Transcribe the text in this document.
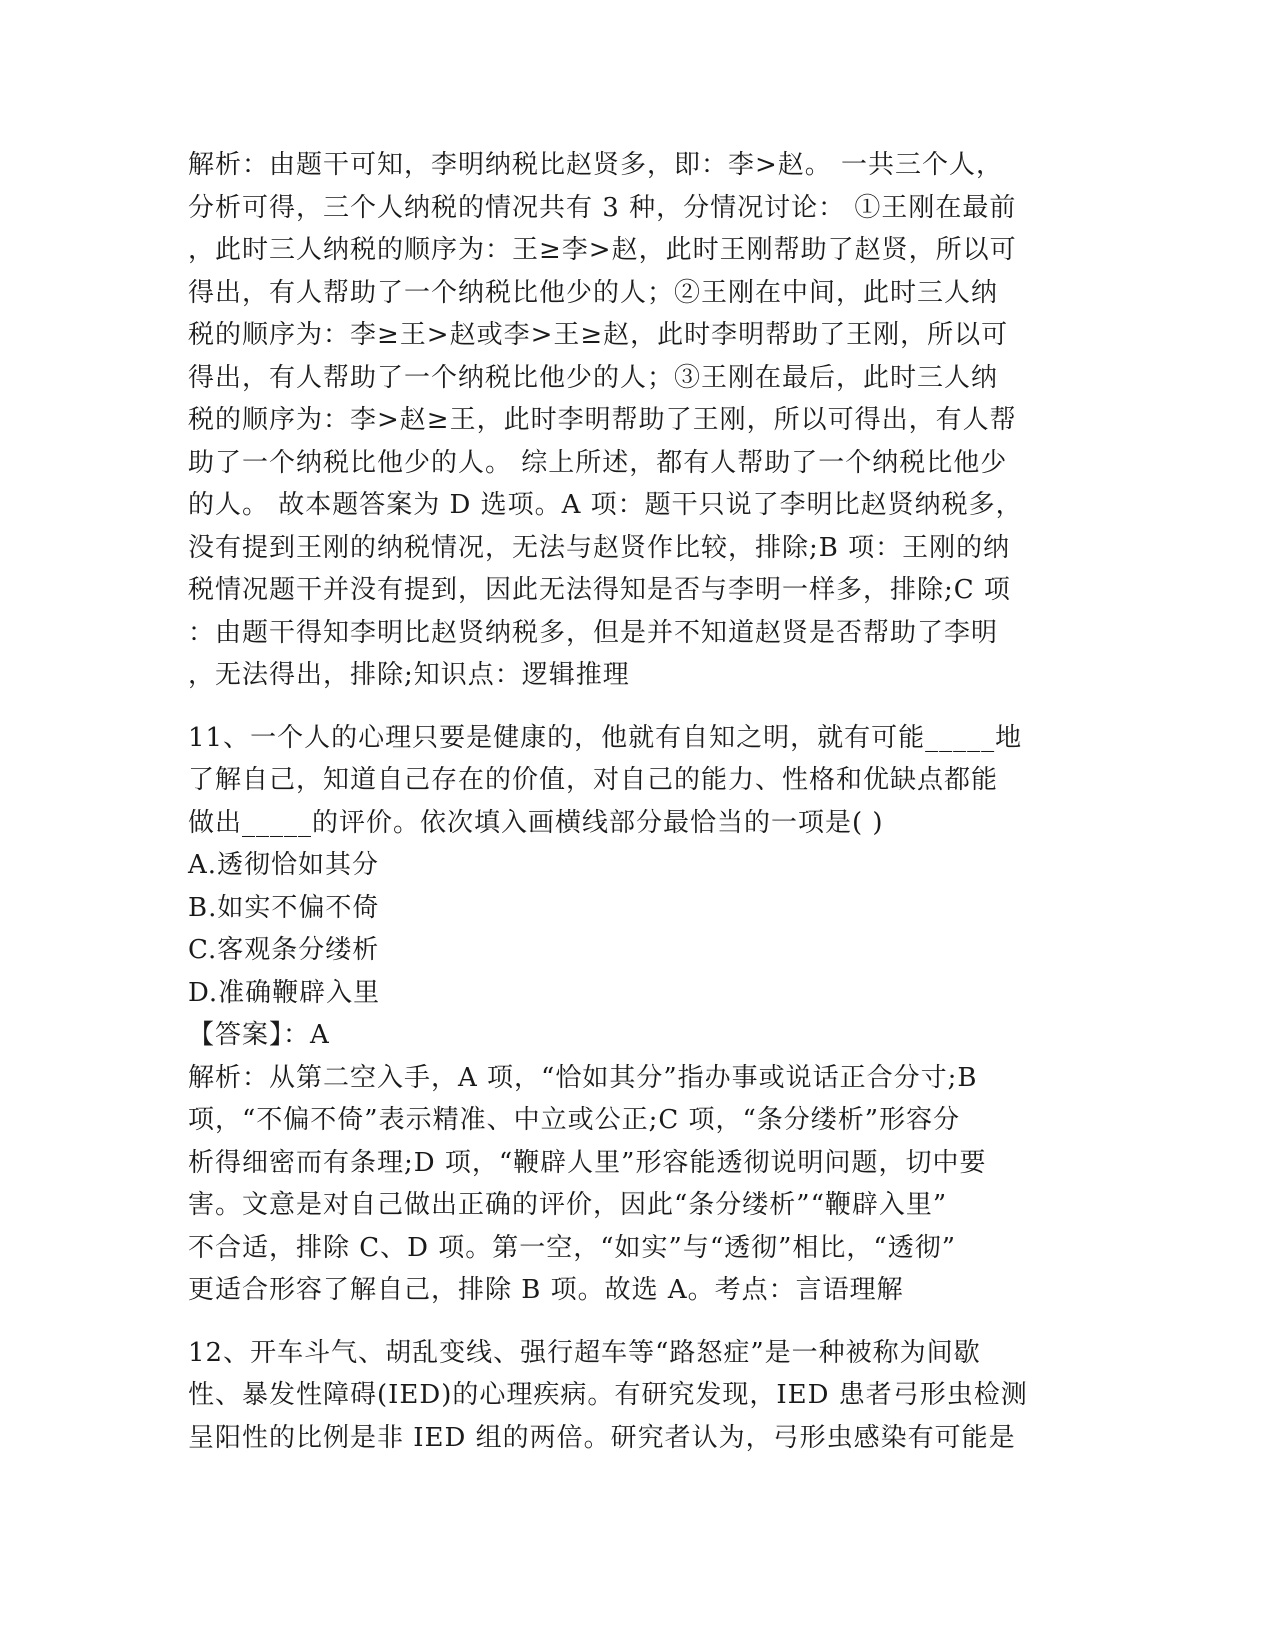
解析：由题干可知，李明纳税比赵贤多，即：李>赵。 一共三个人，
分析可得，三个人纳税的情况共有 3 种，分情况讨论： ①王刚在最前
，此时三人纳税的顺序为：王≥李>赵，此时王刚帮助了赵贤，所以可
得出，有人帮助了一个纳税比他少的人；②王刚在中间，此时三人纳
税的顺序为：李≥王>赵或李>王≥赵，此时李明帮助了王刚，所以可
得出，有人帮助了一个纳税比他少的人；③王刚在最后，此时三人纳
税的顺序为：李>赵≥王，此时李明帮助了王刚，所以可得出，有人帮
助了一个纳税比他少的人。 综上所述，都有人帮助了一个纳税比他少
的人。 故本题答案为 D 选项。A 项：题干只说了李明比赵贤纳税多，
没有提到王刚的纳税情况，无法与赵贤作比较，排除;B 项：王刚的纳
税情况题干并没有提到，因此无法得知是否与李明一样多，排除;C 项
：由题干得知李明比赵贤纳税多，但是并不知道赵贤是否帮助了李明
，无法得出，排除;知识点：逻辑推理
11、一个人的心理只要是健康的，他就有自知之明，就有可能_____地
了解自己，知道自己存在的价值，对自己的能力、性格和优缺点都能
做出_____的评价。依次填入画横线部分最恰当的一项是( )
A.透彻恰如其分
B.如实不偏不倚
C.客观条分缕析
D.准确鞭辟入里
【答案】：A
解析：从第二空入手，A 项，“恰如其分”指办事或说话正合分寸;B
项，“不偏不倚”表示精准、中立或公正;C 项，“条分缕析”形容分
析得细密而有条理;D 项，“鞭辟人里”形容能透彻说明问题，切中要
害。文意是对自己做出正确的评价，因此“条分缕析”“鞭辟入里”
不合适，排除 C、D 项。第一空，“如实”与“透彻”相比，“透彻”
更适合形容了解自己，排除 B 项。故选 A。考点：言语理解
12、开车斗气、胡乱变线、强行超车等“路怒症”是一种被称为间歇
性、暴发性障碍(IED)的心理疾病。有研究发现，IED 患者弓形虫检测
呈阳性的比例是非 IED 组的两倍。研究者认为，弓形虫感染有可能是
